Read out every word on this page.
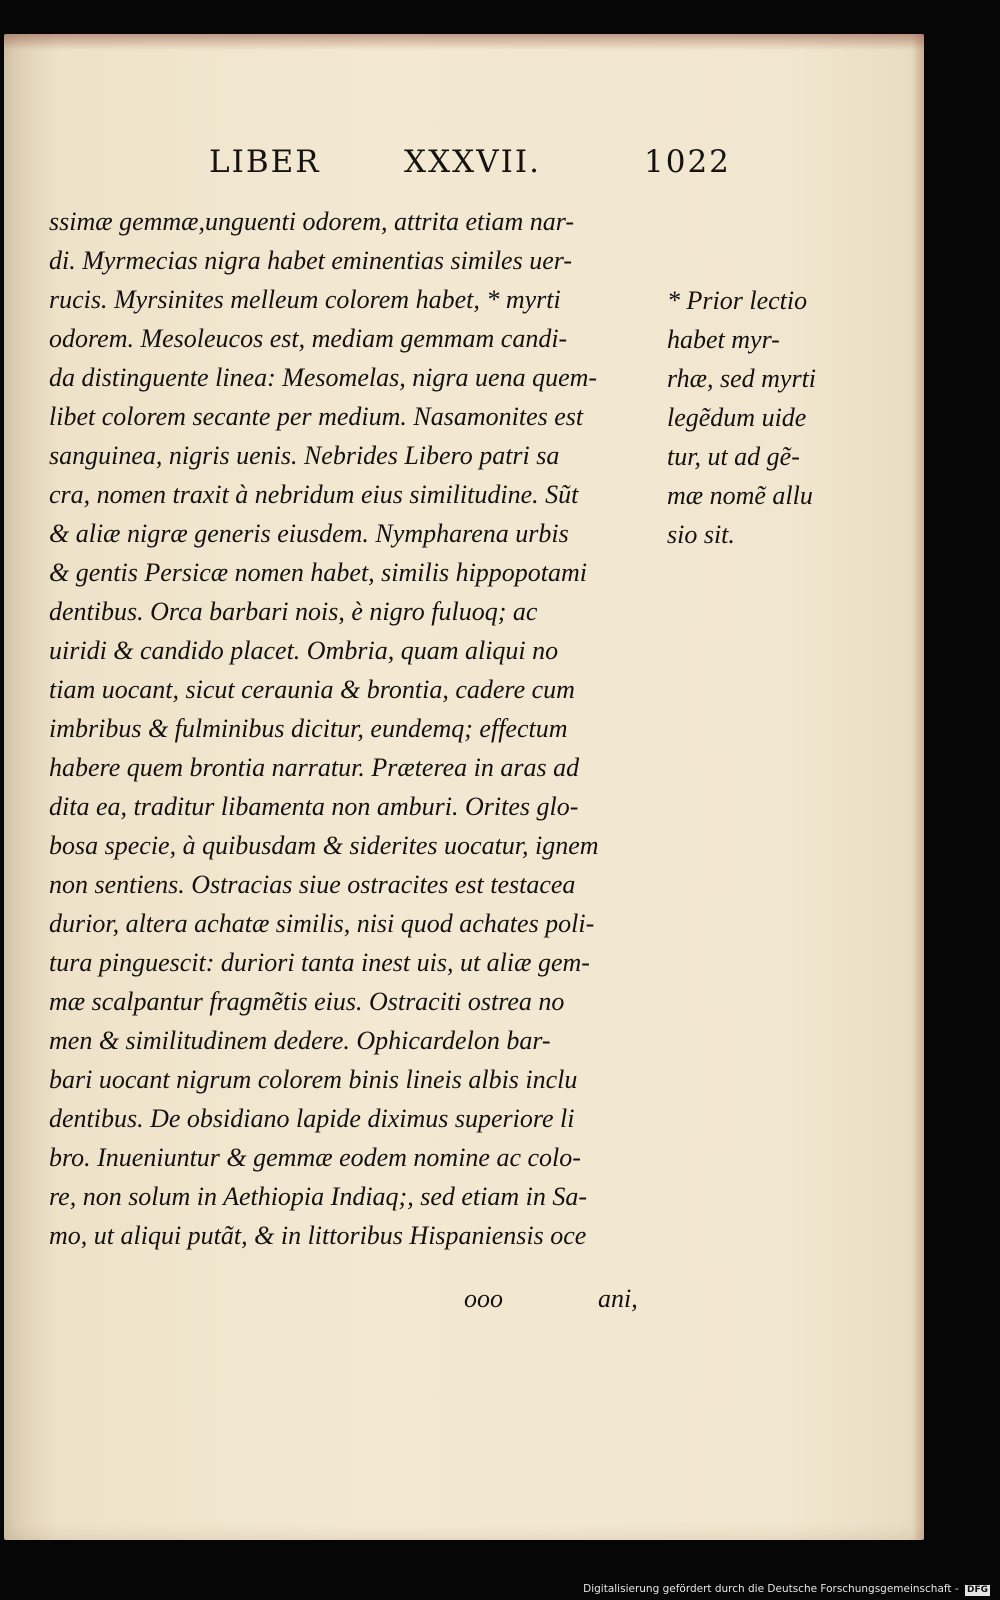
LIBER	XXXVII.	1022
ssimæ gemmæ,unguenti odorem, attrita etiam nar-
di. Myrmecias nigra habet eminentias similes uer-
rucis. Myrsinites melleum colorem habet, * myrti
odorem. Mesoleucos est, mediam gemmam candi-
da distinguente linea: Mesomelas, nigra uena quem-
libet colorem secante per medium. Nasamonites est
sanguinea, nigris uenis. Nebrides Libero patri sa
cra, nomen traxit à nebridum eius similitudine. Sũt
& aliæ nigræ generis eiusdem. Nympharena urbis
& gentis Persicæ nomen habet, similis hippopotami
dentibus. Orca barbari nois, è nigro fuluoq; ac
uiridi & candido placet. Ombria, quam aliqui no
tiam uocant, sicut ceraunia & brontia, cadere cum
imbribus & fulminibus dicitur, eundemq; effectum
habere quem brontia narratur. Præterea in aras ad
dita ea, traditur libamenta non amburi. Orites glo-
bosa specie, à quibusdam & siderites uocatur, ignem
non sentiens. Ostracias siue ostracites est testacea
durior, altera achatæ similis, nisi quod achates poli-
tura pinguescit: duriori tanta inest uis, ut aliæ gem-
mæ scalpantur fragmẽtis eius. Ostraciti ostrea no
men & similitudinem dedere. Ophicardelon bar-
bari uocant nigrum colorem binis lineis albis inclu
dentibus. De obsidiano lapide diximus superiore li
bro. Inueniuntur & gemmæ eodem nomine ac colo-
re, non solum in Aethiopia Indiaq;, sed etiam in Sa-
mo, ut aliqui putãt, & in littoribus Hispaniensis oce
* Prior lectio
habet myr-
rhæ, sed myrti
legẽdum uide
tur, ut ad gẽ-
mæ nomẽ allu
sio sit.
ooo	ani,
Digitalisierung gefördert durch die Deutsche Forschungsgemeinschaft - DFG
